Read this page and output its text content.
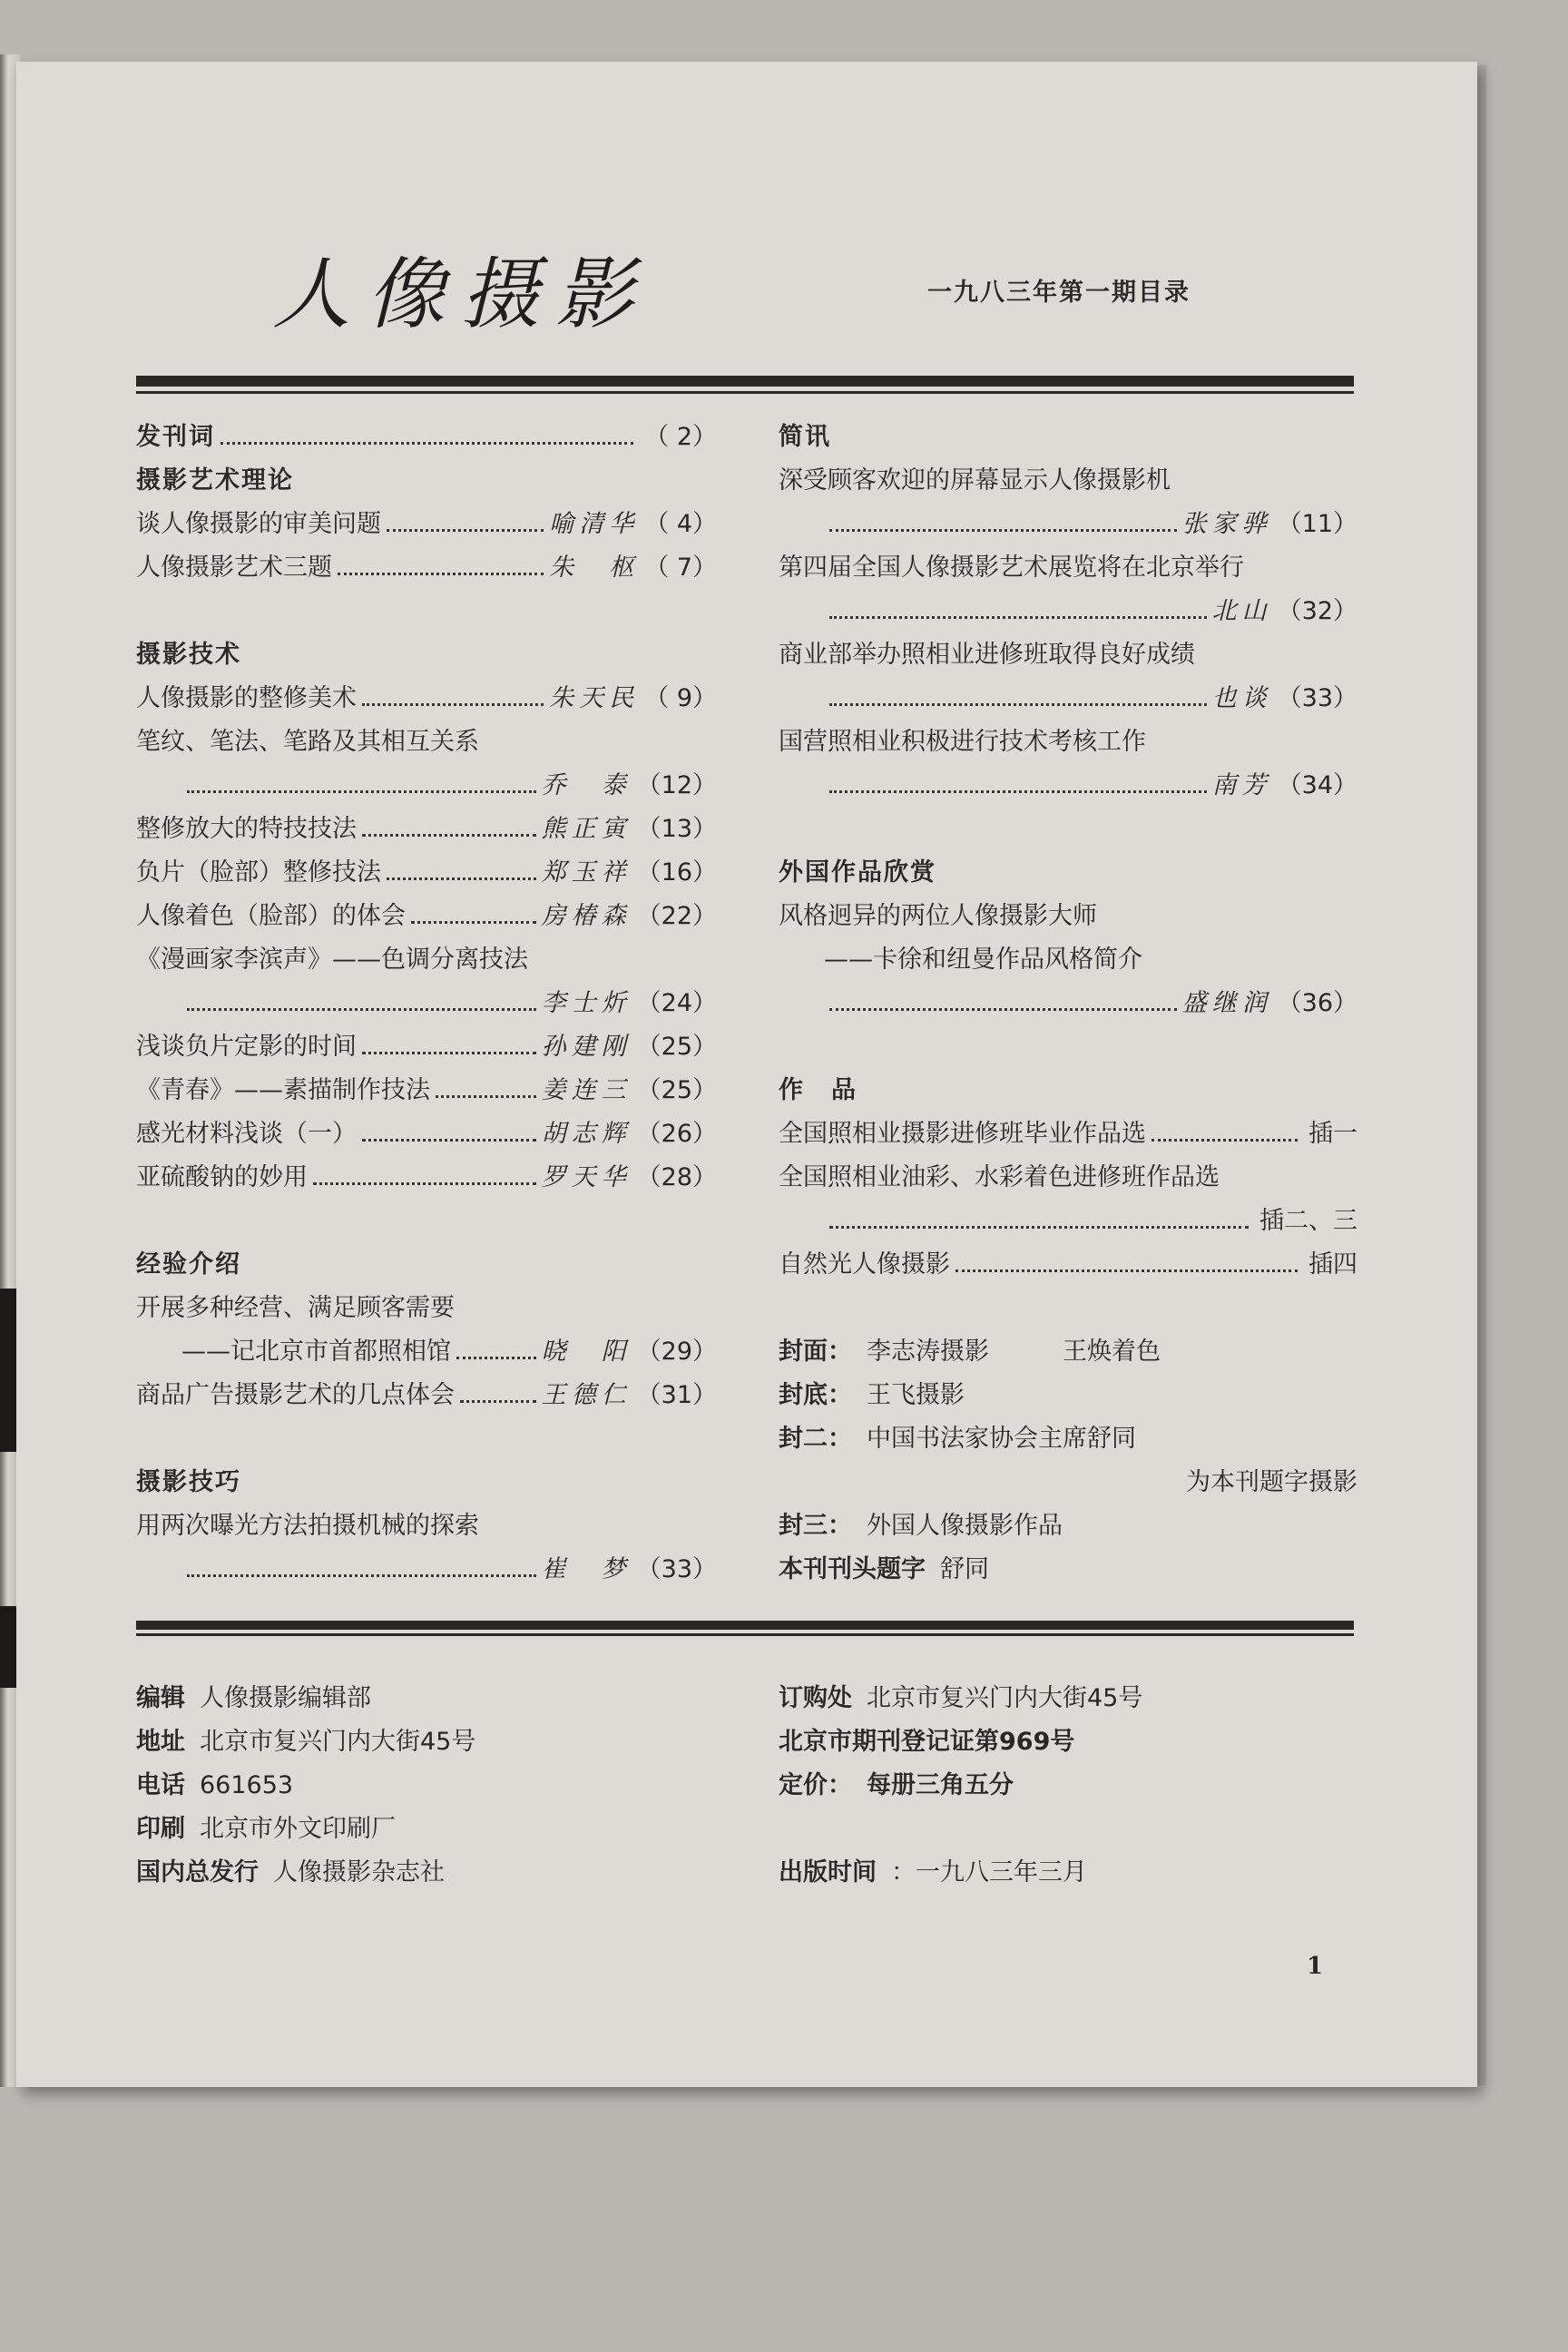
人像摄影	一九八三年第一期目录
发刊词	（ 2）
摄影艺术理论
谈人像摄影的审美问题	喻清华 （ 4）
人像摄影艺术三题	朱　枢 （ 7）
摄影技术
人像摄影的整修美术	朱天民 （ 9）
笔纹、笔法、笔路及其相互关系
乔　泰 （12）
整修放大的特技技法	熊正寅 （13）
负片（脸部）整修技法	郑玉祥 （16）
人像着色（脸部）的体会	房椿森 （22）
《漫画家李滨声》——色调分离技法
李士炘 （24）
浅谈负片定影的时间	孙建刚 （25）
《青春》——素描制作技法	姜连三 （25）
感光材料浅谈（一）	胡志辉 （26）
亚硫酸钠的妙用	罗天华 （28）
经验介绍
开展多种经营、满足顾客需要
——记北京市首都照相馆	晓　阳 （29）
商品广告摄影艺术的几点体会	王德仁 （31）
摄影技巧
用两次曝光方法拍摄机械的探索
崔　梦 （33）
简讯
深受顾客欢迎的屏幕显示人像摄影机
张家骅 （11）
第四届全国人像摄影艺术展览将在北京举行
北山 （32）
商业部举办照相业进修班取得良好成绩
也谈 （33）
国营照相业积极进行技术考核工作
南芳 （34）
外国作品欣赏
风格迥异的两位人像摄影大师
——卡徐和纽曼作品风格简介
盛继润 （36）
作　品
全国照相业摄影进修班毕业作品选	插一
全国照相业油彩、水彩着色进修班作品选
插二、三
自然光人像摄影	插四
封面： 李志涛摄影　　　王焕着色
封底： 王飞摄影
封二： 中国书法家协会主席舒同
为本刊题字摄影
封三： 外国人像摄影作品
本刊刊头题字 舒同
编辑 人像摄影编辑部
地址 北京市复兴门内大街45号
电话 661653
印刷 北京市外文印刷厂
国内总发行 人像摄影杂志社
订购处 北京市复兴门内大街45号
北京市期刊登记证第969号
定价： 每册三角五分
出版时间 ：一九八三年三月
1
